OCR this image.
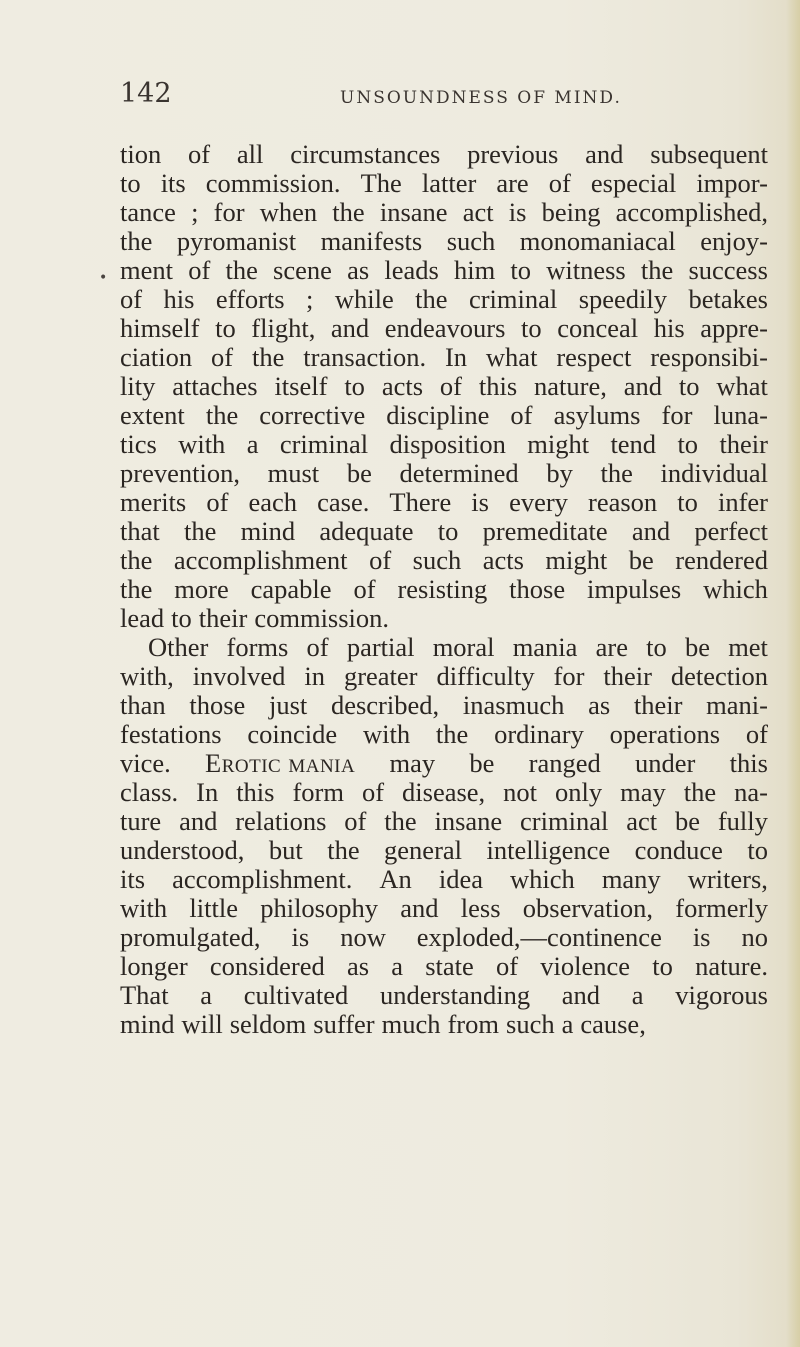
142	UNSOUNDNESS OF MIND.
•
tion of all circumstances previous and subsequent
to its commission. The latter are of especial impor-
tance ; for when the insane act is being accomplished,
the pyromanist manifests such monomaniacal enjoy-
ment of the scene as leads him to witness the success
of his efforts ; while the criminal speedily betakes
himself to flight, and endeavours to conceal his appre-
ciation of the transaction. In what respect responsibi-
lity attaches itself to acts of this nature, and to what
extent the corrective discipline of asylums for luna-
tics with a criminal disposition might tend to their
prevention, must be determined by the individual
merits of each case. There is every reason to infer
that the mind adequate to premeditate and perfect
the accomplishment of such acts might be rendered
the more capable of resisting those impulses which
lead to their commission.
Other forms of partial moral mania are to be met
with, involved in greater difficulty for their detection
than those just described, inasmuch as their mani-
festations coincide with the ordinary operations of
vice. Erotic mania may be ranged under this
class. In this form of disease, not only may the na-
ture and relations of the insane criminal act be fully
understood, but the general intelligence conduce to
its accomplishment. An idea which many writers,
with little philosophy and less observation, formerly
promulgated, is now exploded,—continence is no
longer considered as a state of violence to nature.
That a cultivated understanding and a vigorous
mind will seldom suffer much from such a cause,
